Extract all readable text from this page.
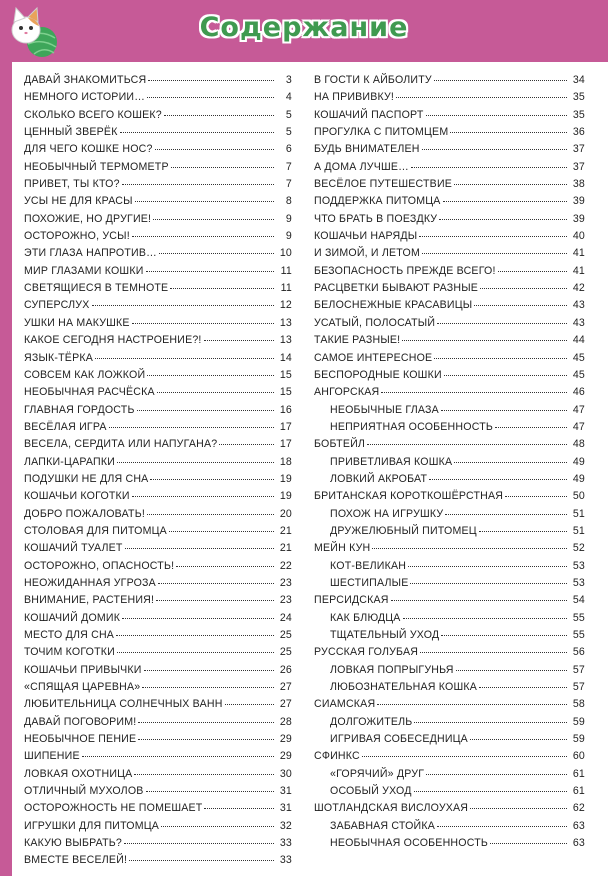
Содержание
ДАВАЙ ЗНАКОМИТЬСЯ	3
НЕМНОГО ИСТОРИИ…	4
СКОЛЬКО ВСЕГО КОШЕК?	5
ЦЕННЫЙ ЗВЕРЁК	5
ДЛЯ ЧЕГО КОШКЕ НОС?	6
НЕОБЫЧНЫЙ ТЕРМОМЕТР	7
ПРИВЕТ, ТЫ КТО?	7
УСЫ НЕ ДЛЯ КРАСЫ	8
ПОХОЖИЕ, НО ДРУГИЕ!	9
ОСТОРОЖНО, УСЫ!	9
ЭТИ ГЛАЗА НАПРОТИВ…	10
МИР ГЛАЗАМИ КОШКИ	11
СВЕТЯЩИЕСЯ В ТЕМНОТЕ	11
СУПЕРСЛУХ	12
УШКИ НА МАКУШКЕ	13
КАКОЕ СЕГОДНЯ НАСТРОЕНИЕ?!	13
ЯЗЫК-ТЁРКА	14
СОВСЕМ КАК ЛОЖКОЙ	15
НЕОБЫЧНАЯ РАСЧЁСКА	15
ГЛАВНАЯ ГОРДОСТЬ	16
ВЕСЁЛАЯ ИГРА	17
ВЕСЕЛА, СЕРДИТА ИЛИ НАПУГАНА?	17
ЛАПКИ-ЦАРАПКИ	18
ПОДУШКИ НЕ ДЛЯ СНА	19
КОШАЧЬИ КОГОТКИ	19
ДОБРО ПОЖАЛОВАТЬ!	20
СТОЛОВАЯ ДЛЯ ПИТОМЦА	21
КОШАЧИЙ ТУАЛЕТ	21
ОСТОРОЖНО, ОПАСНОСТЬ!	22
НЕОЖИДАННАЯ УГРОЗА	23
ВНИМАНИЕ, РАСТЕНИЯ!	23
КОШАЧИЙ ДОМИК	24
МЕСТО ДЛЯ СНА	25
ТОЧИМ КОГОТКИ	25
КОШАЧЬИ ПРИВЫЧКИ	26
«СПЯЩАЯ ЦАРЕВНА»	27
ЛЮБИТЕЛЬНИЦА СОЛНЕЧНЫХ ВАНН	27
ДАВАЙ ПОГОВОРИМ!	28
НЕОБЫЧНОЕ ПЕНИЕ	29
ШИПЕНИЕ	29
ЛОВКАЯ ОХОТНИЦА	30
ОТЛИЧНЫЙ МУХОЛОВ	31
ОСТОРОЖНОСТЬ НЕ ПОМЕШАЕТ	31
ИГРУШКИ ДЛЯ ПИТОМЦА	32
КАКУЮ ВЫБРАТЬ?	33
ВМЕСТЕ ВЕСЕЛЕЙ!	33
В ГОСТИ К АЙБОЛИТУ	34
НА ПРИВИВКУ!	35
КОШАЧИЙ ПАСПОРТ	35
ПРОГУЛКА С ПИТОМЦЕМ	36
БУДЬ ВНИМАТЕЛЕН	37
А ДОМА ЛУЧШЕ…	37
ВЕСЁЛОЕ ПУТЕШЕСТВИЕ	38
ПОДДЕРЖКА ПИТОМЦА	39
ЧТО БРАТЬ В ПОЕЗДКУ	39
КОШАЧЬИ НАРЯДЫ	40
И ЗИМОЙ, И ЛЕТОМ	41
БЕЗОПАСНОСТЬ ПРЕЖДЕ ВСЕГО!	41
РАСЦВЕТКИ БЫВАЮТ РАЗНЫЕ	42
БЕЛОСНЕЖНЫЕ КРАСАВИЦЫ	43
УСАТЫЙ, ПОЛОСАТЫЙ	43
ТАКИЕ РАЗНЫЕ!	44
САМОЕ ИНТЕРЕСНОЕ	45
БЕСПОРОДНЫЕ КОШКИ	45
АНГОРСКАЯ	46
НЕОБЫЧНЫЕ ГЛАЗА	47
НЕПРИЯТНАЯ ОСОБЕННОСТЬ	47
БОБТЕЙЛ	48
ПРИВЕТЛИВАЯ КОШКА	49
ЛОВКИЙ АКРОБАТ	49
БРИТАНСКАЯ КОРОТКОШЁРСТНАЯ	50
ПОХОЖ НА ИГРУШКУ	51
ДРУЖЕЛЮБНЫЙ ПИТОМЕЦ	51
МЕЙН КУН	52
КОТ-ВЕЛИКАН	53
ШЕСТИПАЛЫЕ	53
ПЕРСИДСКАЯ	54
КАК БЛЮДЦА	55
ТЩАТЕЛЬНЫЙ УХОД	55
РУССКАЯ ГОЛУБАЯ	56
ЛОВКАЯ ПОПРЫГУНЬЯ	57
ЛЮБОЗНАТЕЛЬНАЯ КОШКА	57
СИАМСКАЯ	58
ДОЛГОЖИТЕЛЬ	59
ИГРИВАЯ СОБЕСЕДНИЦА	59
СФИНКС	60
«ГОРЯЧИЙ» ДРУГ	61
ОСОБЫЙ УХОД	61
ШОТЛАНДСКАЯ ВИСЛОУХАЯ	62
ЗАБАВНАЯ СТОЙКА	63
НЕОБЫЧНАЯ ОСОБЕННОСТЬ	63
